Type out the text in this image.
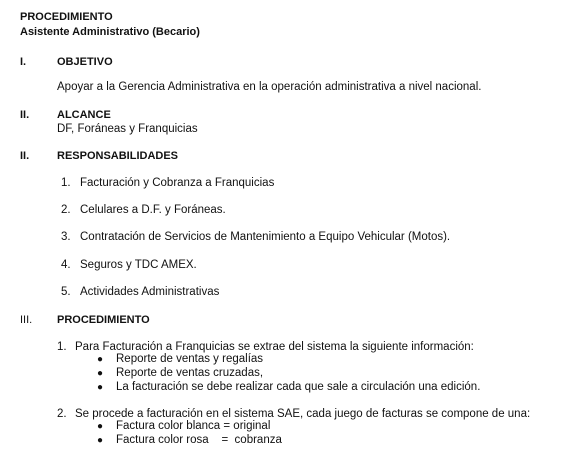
PROCEDIMIENTO
Asistente Administrativo (Becario)
I.	OBJETIVO
Apoyar a la Gerencia Administrativa en la operación administrativa a nivel nacional.
II.	ALCANCE
DF, Foráneas y Franquicias
II.	RESPONSABILIDADES
1. Facturación y Cobranza a Franquicias
2. Celulares a D.F. y Foráneas.
3. Contratación de Servicios de Mantenimiento a Equipo Vehicular (Motos).
4. Seguros y TDC AMEX.
5. Actividades Administrativas
III. PROCEDIMIENTO
1. Para Facturación a Franquicias se extrae del sistema la siguiente información:
● Reporte de ventas y regalías
● Reporte de ventas cruzadas,
● La facturación se debe realizar cada que sale a circulación una edición.
2. Se procede a facturación en el sistema SAE, cada juego de facturas se compone de una:
● Factura color blanca = original
● Factura color rosa    =  cobranza
